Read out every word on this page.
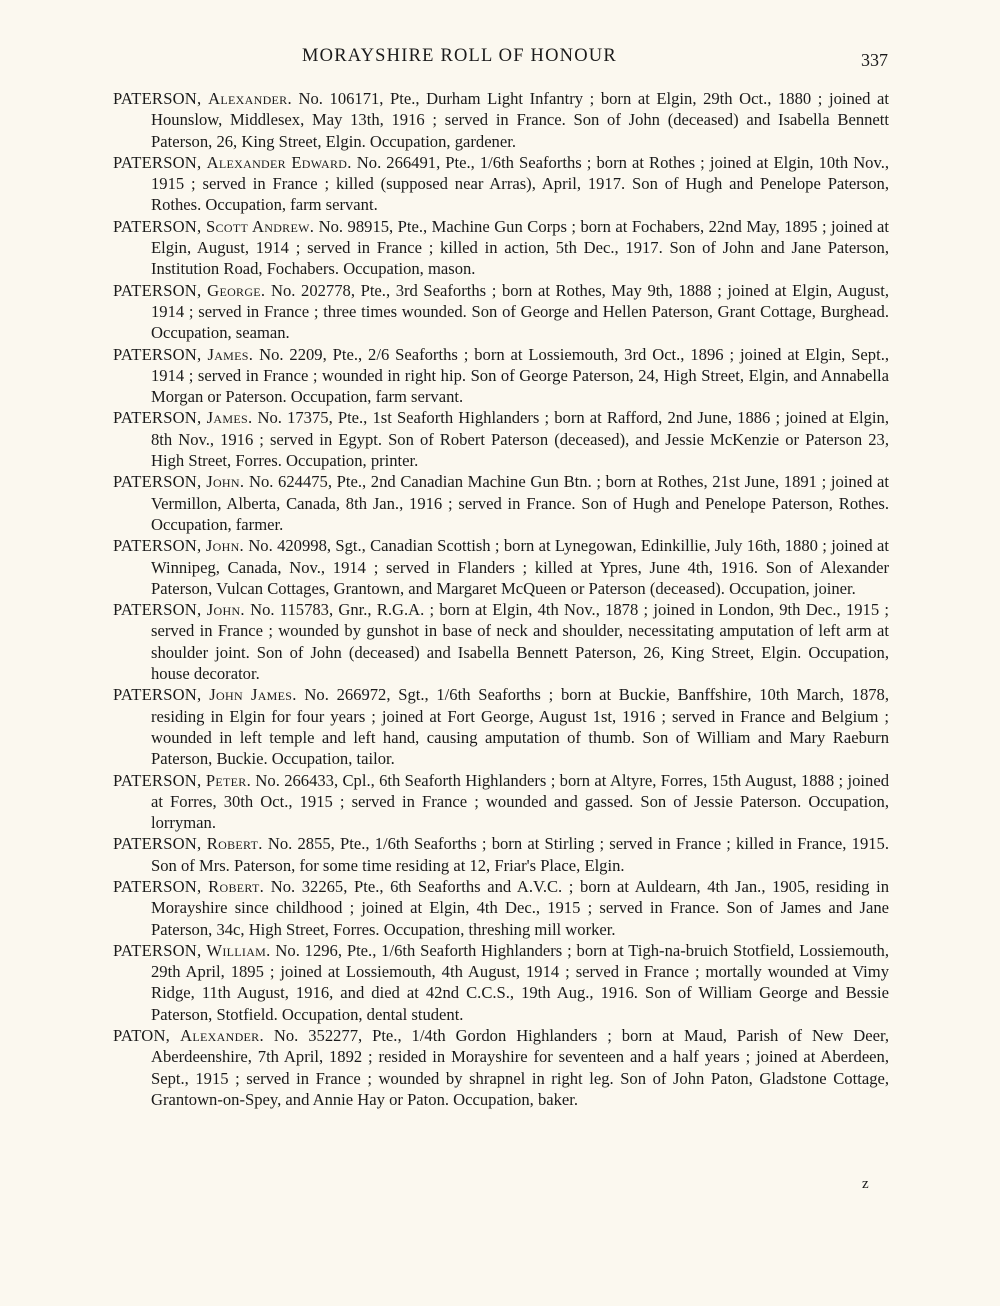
MORAYSHIRE ROLL OF HONOUR	337

PATERSON, Alexander. No. 106171, Pte., Durham Light Infantry ; born at Elgin, 29th Oct., 1880 ; joined at Hounslow, Middlesex, May 13th, 1916 ; served in France. Son of John (deceased) and Isabella Bennett Paterson, 26, King Street, Elgin. Occupation, gardener.

PATERSON, Alexander Edward. No. 266491, Pte., 1/6th Seaforths ; born at Rothes ; joined at Elgin, 10th Nov., 1915 ; served in France ; killed (supposed near Arras), April, 1917. Son of Hugh and Penelope Paterson, Rothes. Occupation, farm servant.

PATERSON, Scott Andrew. No. 98915, Pte., Machine Gun Corps ; born at Fochabers, 22nd May, 1895 ; joined at Elgin, August, 1914 ; served in France ; killed in action, 5th Dec., 1917. Son of John and Jane Paterson, Institution Road, Fochabers. Occupation, mason.

PATERSON, George. No. 202778, Pte., 3rd Seaforths ; born at Rothes, May 9th, 1888 ; joined at Elgin, August, 1914 ; served in France ; three times wounded. Son of George and Hellen Paterson, Grant Cottage, Burghead. Occupation, seaman.

PATERSON, James. No. 2209, Pte., 2/6 Seaforths ; born at Lossiemouth, 3rd Oct., 1896 ; joined at Elgin, Sept., 1914 ; served in France ; wounded in right hip. Son of George Paterson, 24, High Street, Elgin, and Annabella Morgan or Paterson. Occupation, farm servant.

PATERSON, James. No. 17375, Pte., 1st Seaforth Highlanders ; born at Rafford, 2nd June, 1886 ; joined at Elgin, 8th Nov., 1916 ; served in Egypt. Son of Robert Paterson (deceased), and Jessie McKenzie or Paterson 23, High Street, Forres. Occupation, printer.

PATERSON, John. No. 624475, Pte., 2nd Canadian Machine Gun Btn. ; born at Rothes, 21st June, 1891 ; joined at Vermillon, Alberta, Canada, 8th Jan., 1916 ; served in France. Son of Hugh and Penelope Paterson, Rothes. Occupation, farmer.

PATERSON, John. No. 420998, Sgt., Canadian Scottish ; born at Lynegowan, Edinkillie, July 16th, 1880 ; joined at Winnipeg, Canada, Nov., 1914 ; served in Flanders ; killed at Ypres, June 4th, 1916. Son of Alexander Paterson, Vulcan Cottages, Grantown, and Margaret McQueen or Paterson (deceased). Occupation, joiner.

PATERSON, John. No. 115783, Gnr., R.G.A. ; born at Elgin, 4th Nov., 1878 ; joined in London, 9th Dec., 1915 ; served in France ; wounded by gunshot in base of neck and shoulder, necessitating amputation of left arm at shoulder joint. Son of John (deceased) and Isabella Bennett Paterson, 26, King Street, Elgin. Occupation, house decorator.

PATERSON, John James. No. 266972, Sgt., 1/6th Seaforths ; born at Buckie, Banffshire, 10th March, 1878, residing in Elgin for four years ; joined at Fort George, August 1st, 1916 ; served in France and Belgium ; wounded in left temple and left hand, causing amputation of thumb. Son of William and Mary Raeburn Paterson, Buckie. Occupation, tailor.

PATERSON, Peter. No. 266433, Cpl., 6th Seaforth Highlanders ; born at Altyre, Forres, 15th August, 1888 ; joined at Forres, 30th Oct., 1915 ; served in France ; wounded and gassed. Son of Jessie Paterson. Occupation, lorryman.

PATERSON, Robert. No. 2855, Pte., 1/6th Seaforths ; born at Stirling ; served in France ; killed in France, 1915. Son of Mrs. Paterson, for some time residing at 12, Friar's Place, Elgin.

PATERSON, Robert. No. 32265, Pte., 6th Seaforths and A.V.C. ; born at Auldearn, 4th Jan., 1905, residing in Morayshire since childhood ; joined at Elgin, 4th Dec., 1915 ; served in France. Son of James and Jane Paterson, 34c, High Street, Forres. Occupation, threshing mill worker.

PATERSON, William. No. 1296, Pte., 1/6th Seaforth Highlanders ; born at Tigh-na-bruich Stotfield, Lossiemouth, 29th April, 1895 ; joined at Lossiemouth, 4th August, 1914 ; served in France ; mortally wounded at Vimy Ridge, 11th August, 1916, and died at 42nd C.C.S., 19th Aug., 1916. Son of William George and Bessie Paterson, Stotfield. Occupation, dental student.

PATON, Alexander. No. 352277, Pte., 1/4th Gordon Highlanders ; born at Maud, Parish of New Deer, Aberdeenshire, 7th April, 1892 ; resided in Morayshire for seventeen and a half years ; joined at Aberdeen, Sept., 1915 ; served in France ; wounded by shrapnel in right leg. Son of John Paton, Gladstone Cottage, Grantown-on-Spey, and Annie Hay or Paton. Occupation, baker.

z
